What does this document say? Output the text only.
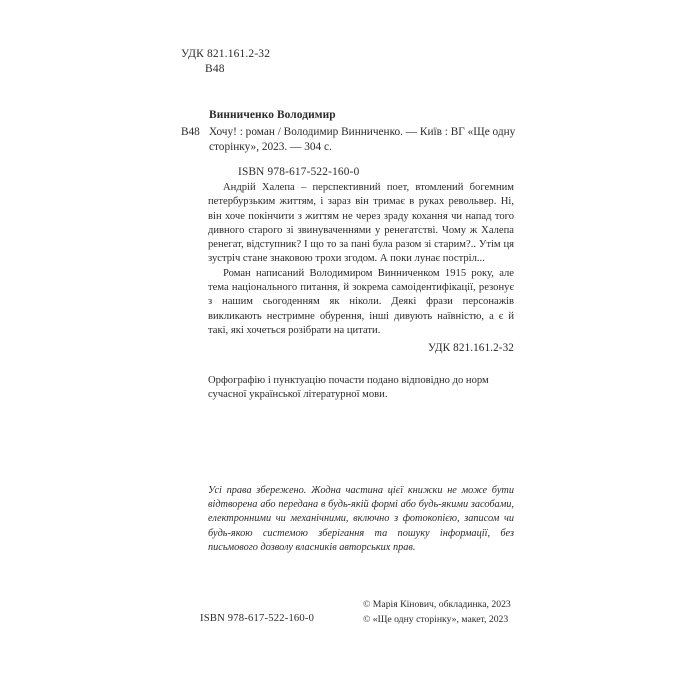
УДК 821.161.2-32
В48
Винниченко Володимир
В48 Хочу! : роман / Володимир Винниченко. — Київ : ВГ «Ще одну сторінку», 2023. — 304 с.
ISBN 978-617-522-160-0

Андрій Халепа – перспективний поет, втомлений богемним петербурзьким життям, і зараз він тримає в руках револьвер. Ні, він хоче покінчити з життям не через зраду кохання чи напад того дивного старого зі звинуваченнями у ренегатстві. Чому ж Халепа ренегат, відступник? І що то за пані була разом зі старим?.. Утім ця зустріч стане знаковою трохи згодом. А поки лунає постріл...

Роман написаний Володимиром Винниченком 1915 року, але тема національного питання, й зокрема самоідентифікації, резонує з нашим сьогоденням як ніколи. Деякі фрази персонажів викликають нестримне обурення, інші дивують наївністю, а є й такі, які хочеться розібрати на цитати.

УДК 821.161.2-32

Орфографію і пунктуацію почасти подано відповідно до норм сучасної української літературної мови.
Усі права збережено. Жодна частина цієї книжки не може бути відтворена або передана в будь-якій формі або будь-якими засобами, електронними чи механічними, включно з фотокопією, записом чи будь-якою системою зберігання та пошуку інформації, без письмового дозволу власників авторських прав.
ISBN 978-617-522-160-0
© Марія Кінович, обкладинка, 2023
© «Ще одну сторінку», макет, 2023
